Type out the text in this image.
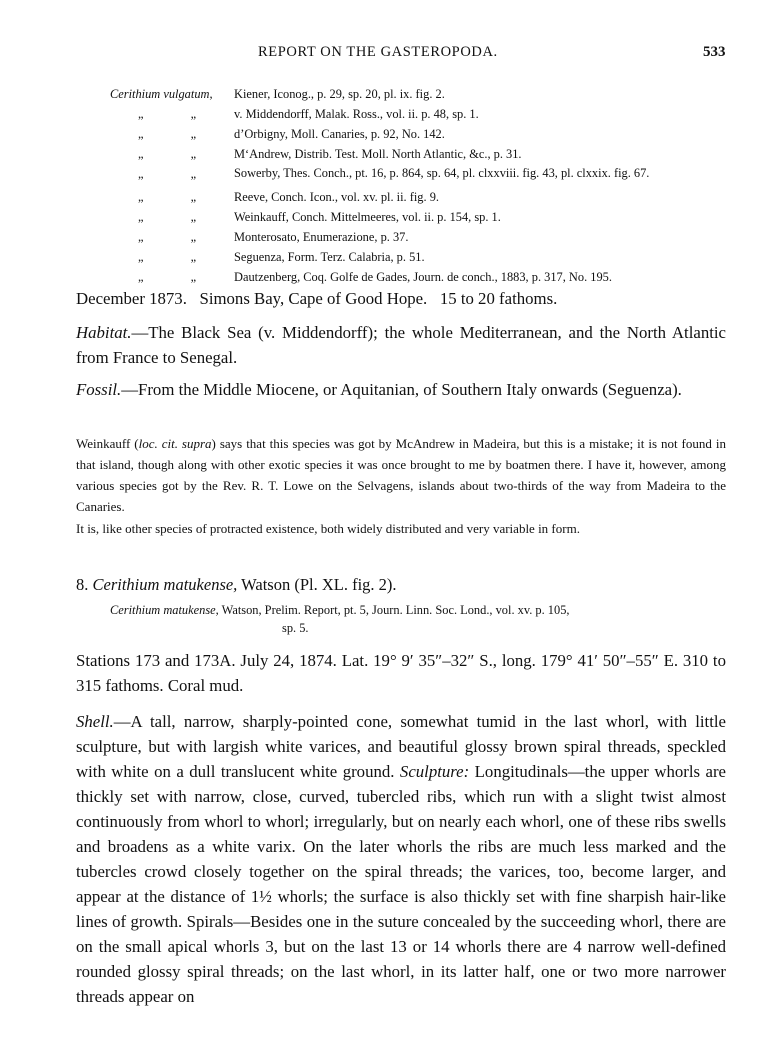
REPORT ON THE GASTEROPODA.	533
Cerithium vulgatum,	Kiener, Iconog., p. 29, sp. 20, pl. ix. fig. 2.
„ „	v. Middendorff, Malak. Ross., vol. ii. p. 48, sp. 1.
„ „	d’Orbigny, Moll. Canaries, p. 92, No. 142.
„ „	M‘Andrew, Distrib. Test. Moll. North Atlantic, &c., p. 31.
„ „	Sowerby, Thes. Conch., pt. 16, p. 864, sp. 64, pl. clxxviii. fig. 43, pl. clxxix. fig. 67.
„ „	Reeve, Conch. Icon., vol. xv. pl. ii. fig. 9.
„ „	Weinkauff, Conch. Mittelmeeres, vol. ii. p. 154, sp. 1.
„ „	Monterosato, Enumerazione, p. 37.
„ „	Seguenza, Form. Terz. Calabria, p. 51.
„ „	Dautzenberg, Coq. Golfe de Gades, Journ. de conch., 1883, p. 317, No. 195.
December 1873.   Simons Bay, Cape of Good Hope.   15 to 20 fathoms.
Habitat.—The Black Sea (v. Middendorff); the whole Mediterranean, and the North Atlantic from France to Senegal.
Fossil.—From the Middle Miocene, or Aquitanian, of Southern Italy onwards (Seguenza).
Weinkauff (loc. cit. supra) says that this species was got by McAndrew in Madeira, but this is a mistake; it is not found in that island, though along with other exotic species it was once brought to me by boatmen there. I have it, however, among various species got by the Rev. R. T. Lowe on the Selvagens, islands about two-thirds of the way from Madeira to the Canaries.
It is, like other species of protracted existence, both widely distributed and very variable in form.
8. Cerithium matukense, Watson (Pl. XL. fig. 2).
Cerithium matukense, Watson, Prelim. Report, pt. 5, Journ. Linn. Soc. Lond., vol. xv. p. 105,
sp. 5.
Stations 173 and 173A. July 24, 1874. Lat. 19° 9′ 35″–32″ S., long. 179° 41′ 50″–55″ E. 310 to 315 fathoms. Coral mud.
Shell.—A tall, narrow, sharply-pointed cone, somewhat tumid in the last whorl, with little sculpture, but with largish white varices, and beautiful glossy brown spiral threads, speckled with white on a dull translucent white ground. Sculpture: Longitudinals—the upper whorls are thickly set with narrow, close, curved, tubercled ribs, which run with a slight twist almost continuously from whorl to whorl; irregularly, but on nearly each whorl, one of these ribs swells and broadens as a white varix. On the later whorls the ribs are much less marked and the tubercles crowd closely together on the spiral threads; the varices, too, become larger, and appear at the distance of 1½ whorls; the surface is also thickly set with fine sharpish hair-like lines of growth. Spirals—Besides one in the suture concealed by the succeeding whorl, there are on the small apical whorls 3, but on the last 13 or 14 whorls there are 4 narrow well-defined rounded glossy spiral threads; on the last whorl, in its latter half, one or two more narrower threads appear on
